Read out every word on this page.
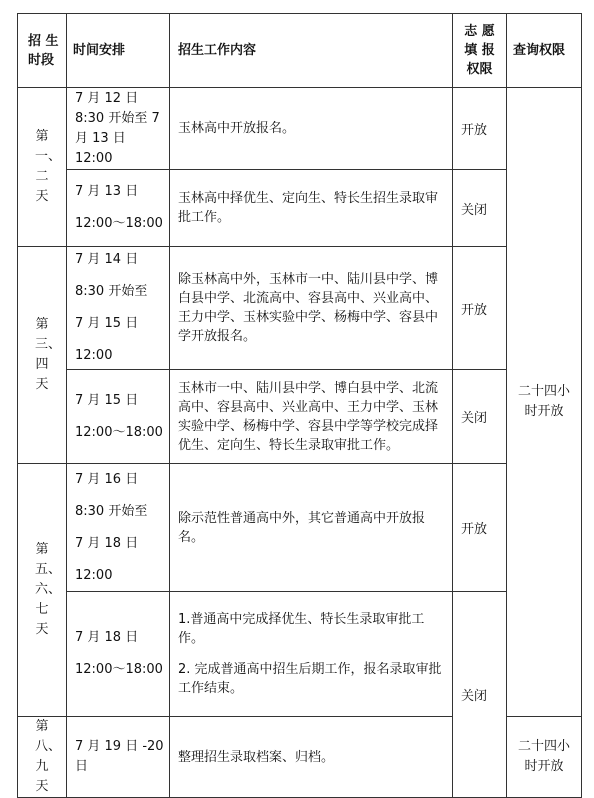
招 生 时段	时间安排	招生工作内容	志 愿 填 报 权限	查询权限

第一、二天	7 月 12 日
8:30 开始至 7
月 13 日 12:00	玉林高中开放报名。	开放	二十四小时开放

	7 月 13 日
12:00～18:00	玉林高中择优生、定向生、特长生招生录取审批工作。	关闭	

第三、四天	7 月 14 日
8:30 开始至
7 月 15 日
12:00	除玉林高中外，玉林市一中、陆川县中学、博白县中学、北流高中、容县高中、兴业高中、王力中学、玉林实验中学、杨梅中学、容县中学开放报名。	开放	

	7 月 15 日
12:00～18:00	玉林市一中、陆川县中学、博白县中学、北流高中、容县高中、兴业高中、王力中学、玉林实验中学、杨梅中学、容县中学等学校完成择优生、定向生、特长生录取审批工作。	关闭	

第五、六、七天	7 月 16 日
8:30 开始至
7 月 18 日
12:00	除示范性普通高中外，其它普通高中开放报名。	开放	

	7 月 18 日
12:00～18:00	1.普通高中完成择优生、特长生录取审批工作。
2. 完成普通高中招生后期工作，报名录取审批工作结束。	关闭	

第八、九天	7 月 19 日 -20
日	整理招生录取档案、归档。		二十四小时开放
